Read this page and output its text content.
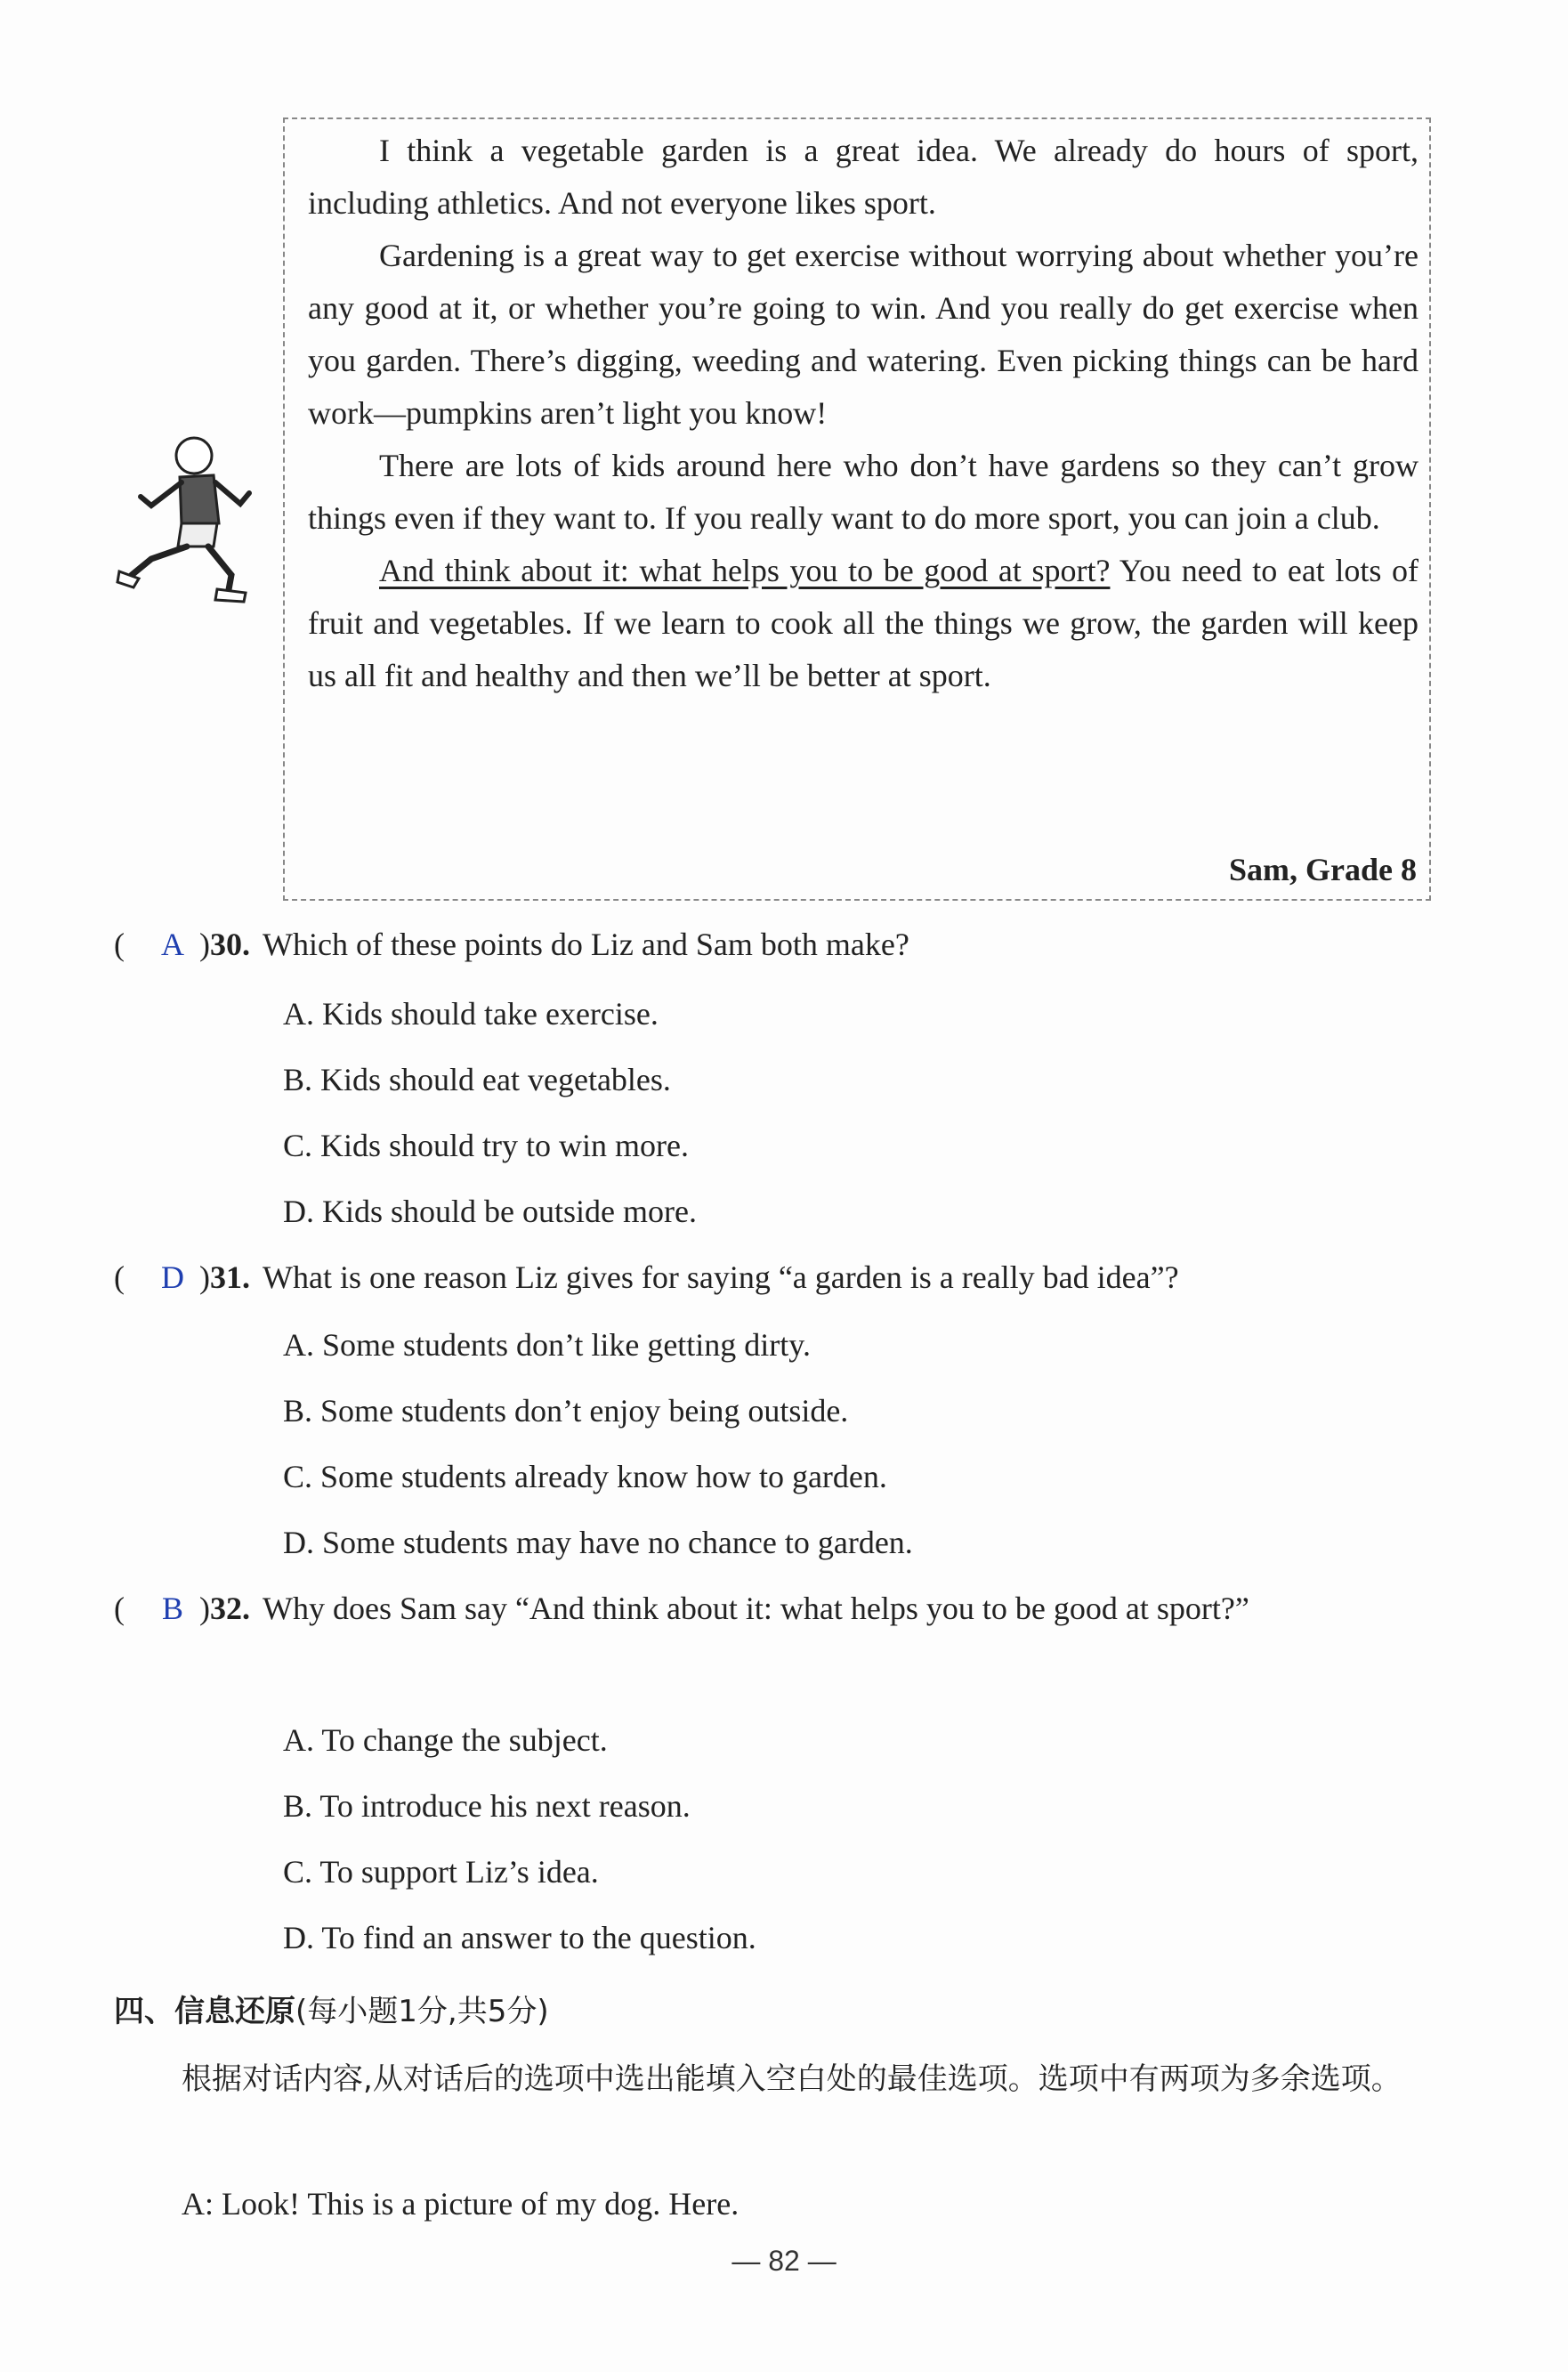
I think a vegetable garden is a great idea. We already do hours of sport, including athletics. And not everyone likes sport.

Gardening is a great way to get exercise without worrying about whether you’re any good at it, or whether you’re going to win. And you really do get exercise when you garden. There’s digging, weeding and watering. Even picking things can be hard work—pumpkins aren’t light you know!

There are lots of kids around here who don’t have gardens so they can’t grow things even if they want to. If you really want to do more sport, you can join a club.

And think about it: what helps you to be good at sport? You need to eat lots of fruit and vegetables. If we learn to cook all the things we grow, the garden will keep us all fit and healthy and then we’ll be better at sport.

Sam, Grade 8
(	A ) 30. Which of these points do Liz and Sam both make?
A. Kids should take exercise.
B. Kids should eat vegetables.
C. Kids should try to win more.
D. Kids should be outside more.
(	D ) 31. What is one reason Liz gives for saying “a garden is a really bad idea”?
A. Some students don’t like getting dirty.
B. Some students don’t enjoy being outside.
C. Some students already know how to garden.
D. Some students may have no chance to garden.
(	B ) 32. Why does Sam say “And think about it: what helps you to be good at sport?”
A. To change the subject.
B. To introduce his next reason.
C. To support Liz’s idea.
D. To find an answer to the question.
四、信息还原(每小题1分,共5分)
根据对话内容,从对话后的选项中选出能填入空白处的最佳选项。选项中有两项为多余选项。
A: Look! This is a picture of my dog. Here.
— 82 —
